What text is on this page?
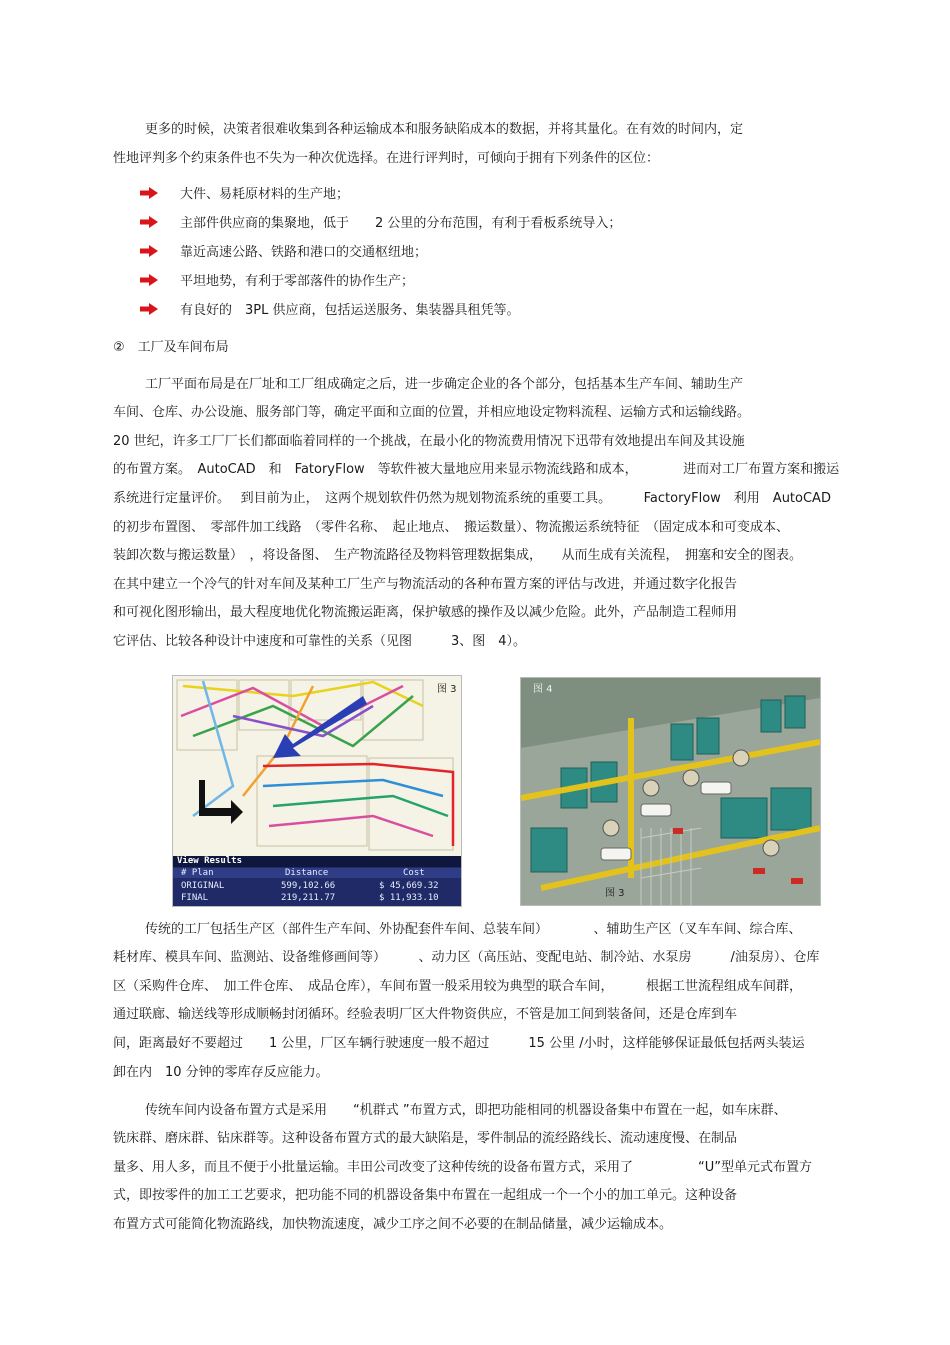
更多的时候，决策者很难收集到各种运输成本和服务缺陷成本的数据，并将其量化。在有效的时间内，定
性地评判多个约束条件也不失为一种次优选择。在进行评判时，可倾向于拥有下列条件的区位：
大件、易耗原材料的生产地；
主部件供应商的集聚地，低于　　2 公里的分布范围，有利于看板系统导入；
靠近高速公路、铁路和港口的交通枢纽地；
平坦地势，有利于零部落件的协作生产；
有良好的　3PL 供应商，包括运送服务、集装器具租凭等。
②　工厂及车间布局
工厂平面布局是在厂址和工厂组成确定之后，进一步确定企业的各个部分，包括基本生产车间、辅助生产
车间、仓库、办公设施、服务部门等，确定平面和立面的位置，并相应地设定物料流程、运输方式和运输线路。
20 世纪，许多工厂厂长们都面临着同样的一个挑战，在最小化的物流费用情况下迅带有效地提出车间及其设施
的布置方案。　AutoCAD　和　FatoryFlow　等软件被大量地应用来显示物流线路和成本，　　　　进而对工厂布置方案和搬运
系统进行定量评价。　 到目前为止，　这两个规划软件仍然为规划物流系统的重要工具。　　　FactoryFlow　利用　AutoCAD
的初步布置图、　零部件加工线路　（零件名称、　起止地点、　搬运数量）、物流搬运系统特征　（固定成本和可变成本、
装卸次数与搬运数量）　，将设备图、　生产物流路径及物料管理数据集成，　　从而生成有关流程，　拥塞和安全的图表。
在其中建立一个冷气的针对车间及某种工厂生产与物流活动的各种布置方案的评估与改进，并通过数字化报告
和可视化图形输出，最大程度地优化物流搬运距离，保护敏感的操作及以减少危险。此外，产品制造工程师用
它评估、比较各种设计中速度和可靠性的关系（见图　　　3、图　4）。
图 3
View Results
# Plan	Distance	Cost
ORIGINAL	599,102.66	$ 45,669.32
FINAL	219,211.77	$ 11,933.10
图 4
图 3
传统的工厂包括生产区（部件生产车间、外协配套件车间、总装车间）　　　　、辅助生产区（叉车车间、综合库、
耗材库、模具车间、监测站、设备维修画间等）　　　、动力区（高压站、变配电站、制冷站、水泵房　　　/油泵房）、仓库
区（采购件仓库、　加工件仓库、　成品仓库），车间布置一般采用较为典型的联合车间，　　　根据工世流程组成车间群，
通过联廊、输送线等形成顺畅封闭循环。经验表明厂区大件物资供应，不管是加工间到装备间，还是仓库到车
间，距离最好不要超过　　1 公里，厂区车辆行驶速度一般不超过　　　15 公里 /小时，这样能够保证最低包括两头装运
卸在内　10 分钟的零库存反应能力。
传统车间内设备布置方式是采用　　“机群式 ”布置方式，即把功能相同的机器设备集中布置在一起，如车床群、
铣床群、磨床群、钻床群等。这种设备布置方式的最大缺陷是，零件制品的流经路线长、流动速度慢、在制品
量多、用人多，而且不便于小批量运输。丰田公司改变了这种传统的设备布置方式，采用了　　　　　“U”型单元式布置方
式，即按零件的加工工艺要求，把功能不同的机器设备集中布置在一起组成一个一个小的加工单元。这种设备
布置方式可能简化物流路线，加快物流速度，减少工序之间不必要的在制品储量，减少运输成本。
